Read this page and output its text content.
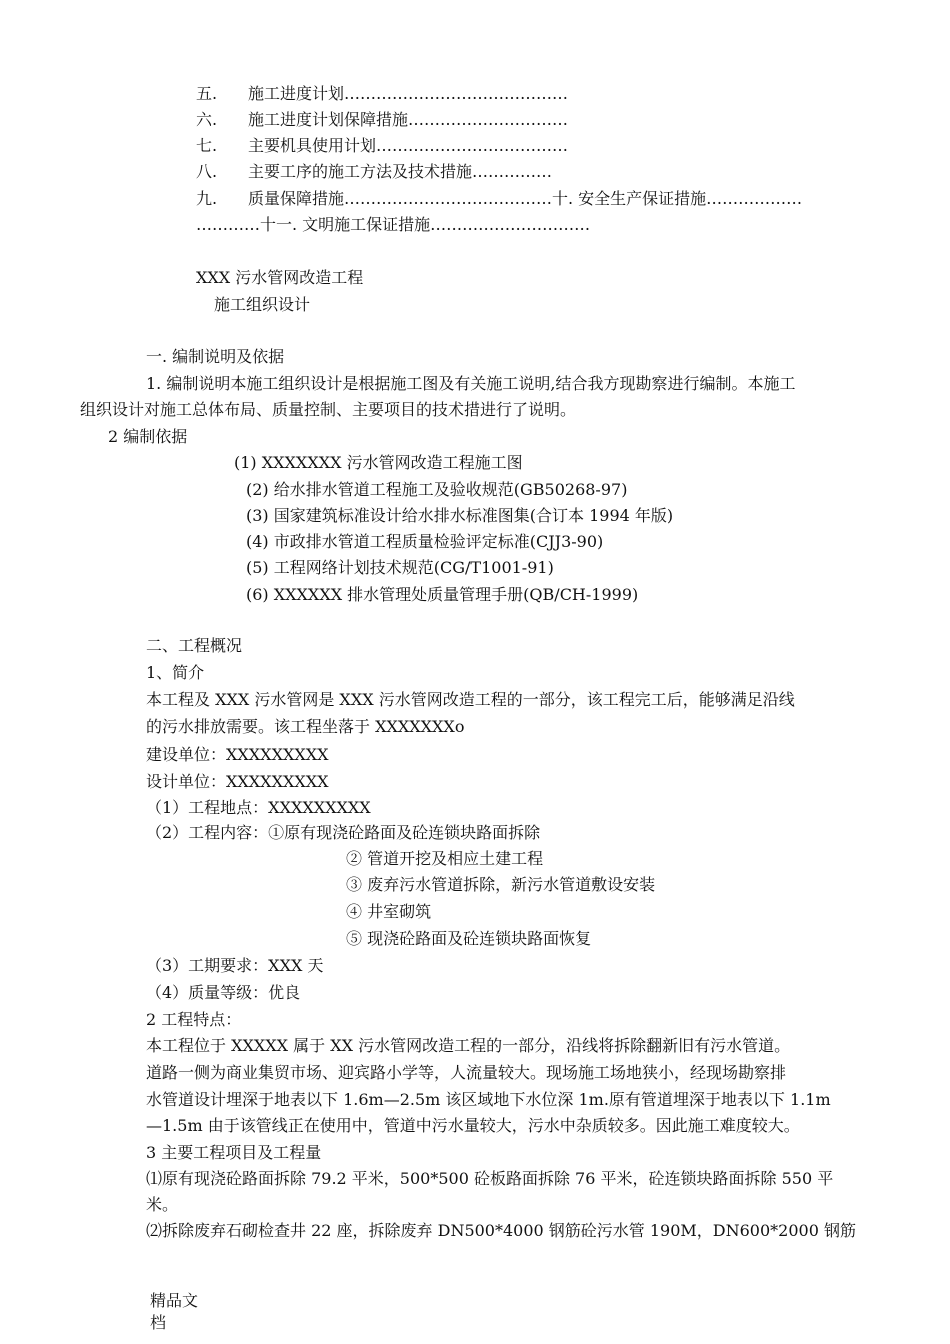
五. 施工进度计划……………………………………
六. 施工进度计划保障措施…………………………
七. 主要机具使用计划………………………………
八. 主要工序的施工方法及技术措施……………
九. 质量保障措施…………………………………十. 安全生产保证措施………………
…………十一. 文明施工保证措施…………………………
XXX 污水管网改造工程
施工组织设计
一. 编制说明及依据
1. 编制说明本施工组织设计是根据施工图及有关施工说明,结合我方现勘察进行编制。本施工
组织设计对施工总体布局、质量控制、主要项目的技术措进行了说明。
2 编制依据
(1) XXXXXXX 污水管网改造工程施工图
(2) 给水排水管道工程施工及验收规范(GB50268-97)
(3) 国家建筑标准设计给水排水标准图集(合订本 1994 年版)
(4) 市政排水管道工程质量检验评定标准(CJJ3-90)
(5) 工程网络计划技术规范(CG/T1001-91)
(6) XXXXXX 排水管理处质量管理手册(QB/CH-1999)
二、工程概况
1、简介
本工程及 XXX 污水管网是 XXX 污水管网改造工程的一部分，该工程完工后，能够满足沿线
的污水排放需要。该工程坐落于 XXXXXXXo
建设单位：XXXXXXXXX
设计单位：XXXXXXXXX
（1）工程地点：XXXXXXXXX
（2）工程内容：①原有现浇砼路面及砼连锁块路面拆除
② 管道开挖及相应土建工程
③ 废弃污水管道拆除，新污水管道敷设安装
④ 井室砌筑
⑤ 现浇砼路面及砼连锁块路面恢复
（3）工期要求：XXX 天
（4）质量等级：优良
2 工程特点：
本工程位于 XXXXX 属于 XX 污水管网改造工程的一部分，沿线将拆除翻新旧有污水管道。
道路一侧为商业集贸市场、迎宾路小学等，人流量较大。现场施工场地狭小，经现场勘察排
水管道设计埋深于地表以下 1.6m—2.5m 该区域地下水位深 1m.原有管道埋深于地表以下 1.1m
—1.5m 由于该管线正在使用中，管道中污水量较大，污水中杂质较多。因此施工难度较大。
3 主要工程项目及工程量
⑴原有现浇砼路面拆除 79.2 平米，500*500 砼板路面拆除 76 平米，砼连锁块路面拆除 550 平
米。
⑵拆除废弃石砌检查井 22 座，拆除废弃 DN500*4000 钢筋砼污水管 190M，DN600*2000 钢筋
精品文
档
